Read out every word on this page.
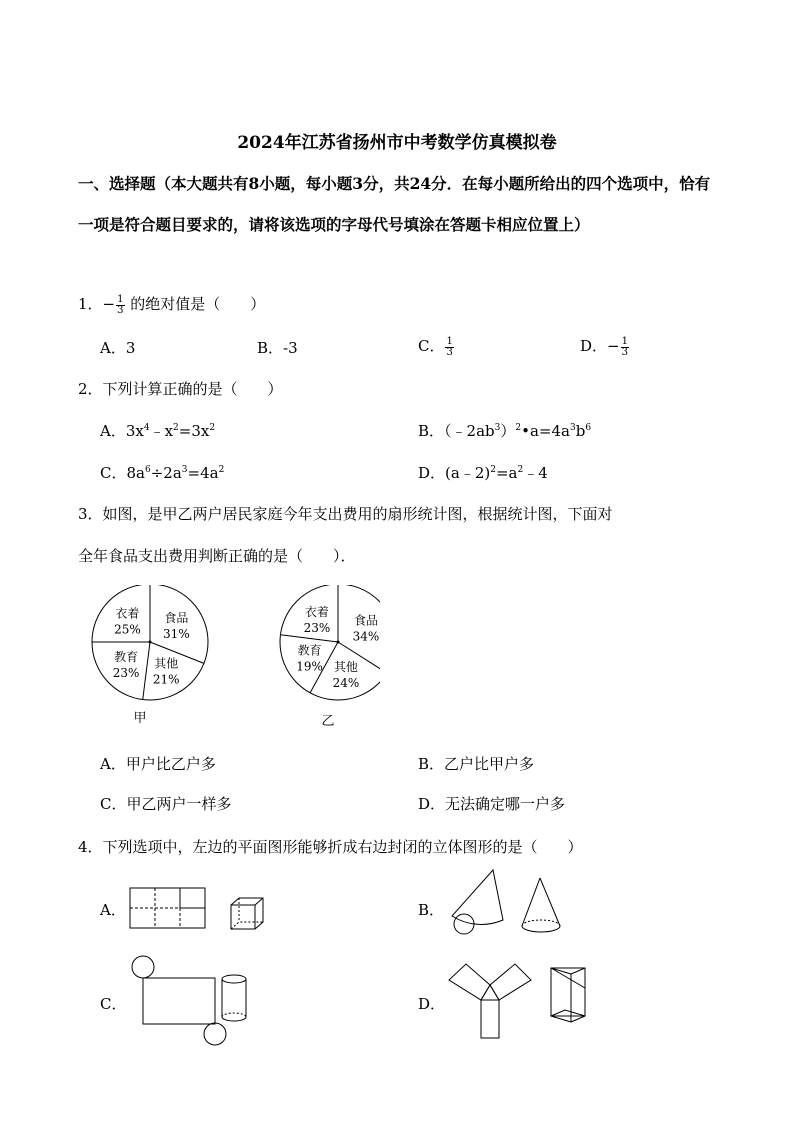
2024年江苏省扬州市中考数学仿真模拟卷
一、选择题（本大题共有8小题，每小题3分，共24分．在每小题所给出的四个选项中，恰有一项是符合题目要求的，请将该选项的字母代号填涂在答题卡相应位置上）
1．− $\frac{1}{3}$ 的绝对值是（　　）
A．3	B．-3	C． $\frac{1}{3}$	D．− $\frac{1}{3}$
2．下列计算正确的是（　　）
A．$3x^4﹣x^2=3x^2$	B．$(﹣2ab^3)^2•a=4a^3b^6$
C．$8a^6\div 2a^3=4a^2$	D．$(a﹣2)^2=a^2﹣4$
3．如图，是甲乙两户居民家庭今年支出费用的扇形统计图，根据统计图，下面对
全年食品支出费用判断正确的是（　　）．
食品
31%
其他
21%
教育
23%
衣着
25%
甲
食品
34%
其他
24%
教育
19%
衣着
23%
乙
A．甲户比乙户多	B．乙户比甲户多
C．甲乙两户一样多	D．无法确定哪一户多
4．下列选项中，左边的平面图形能够折成右边封闭的立体图形的是（　　）
A．	B．
C．	D．
